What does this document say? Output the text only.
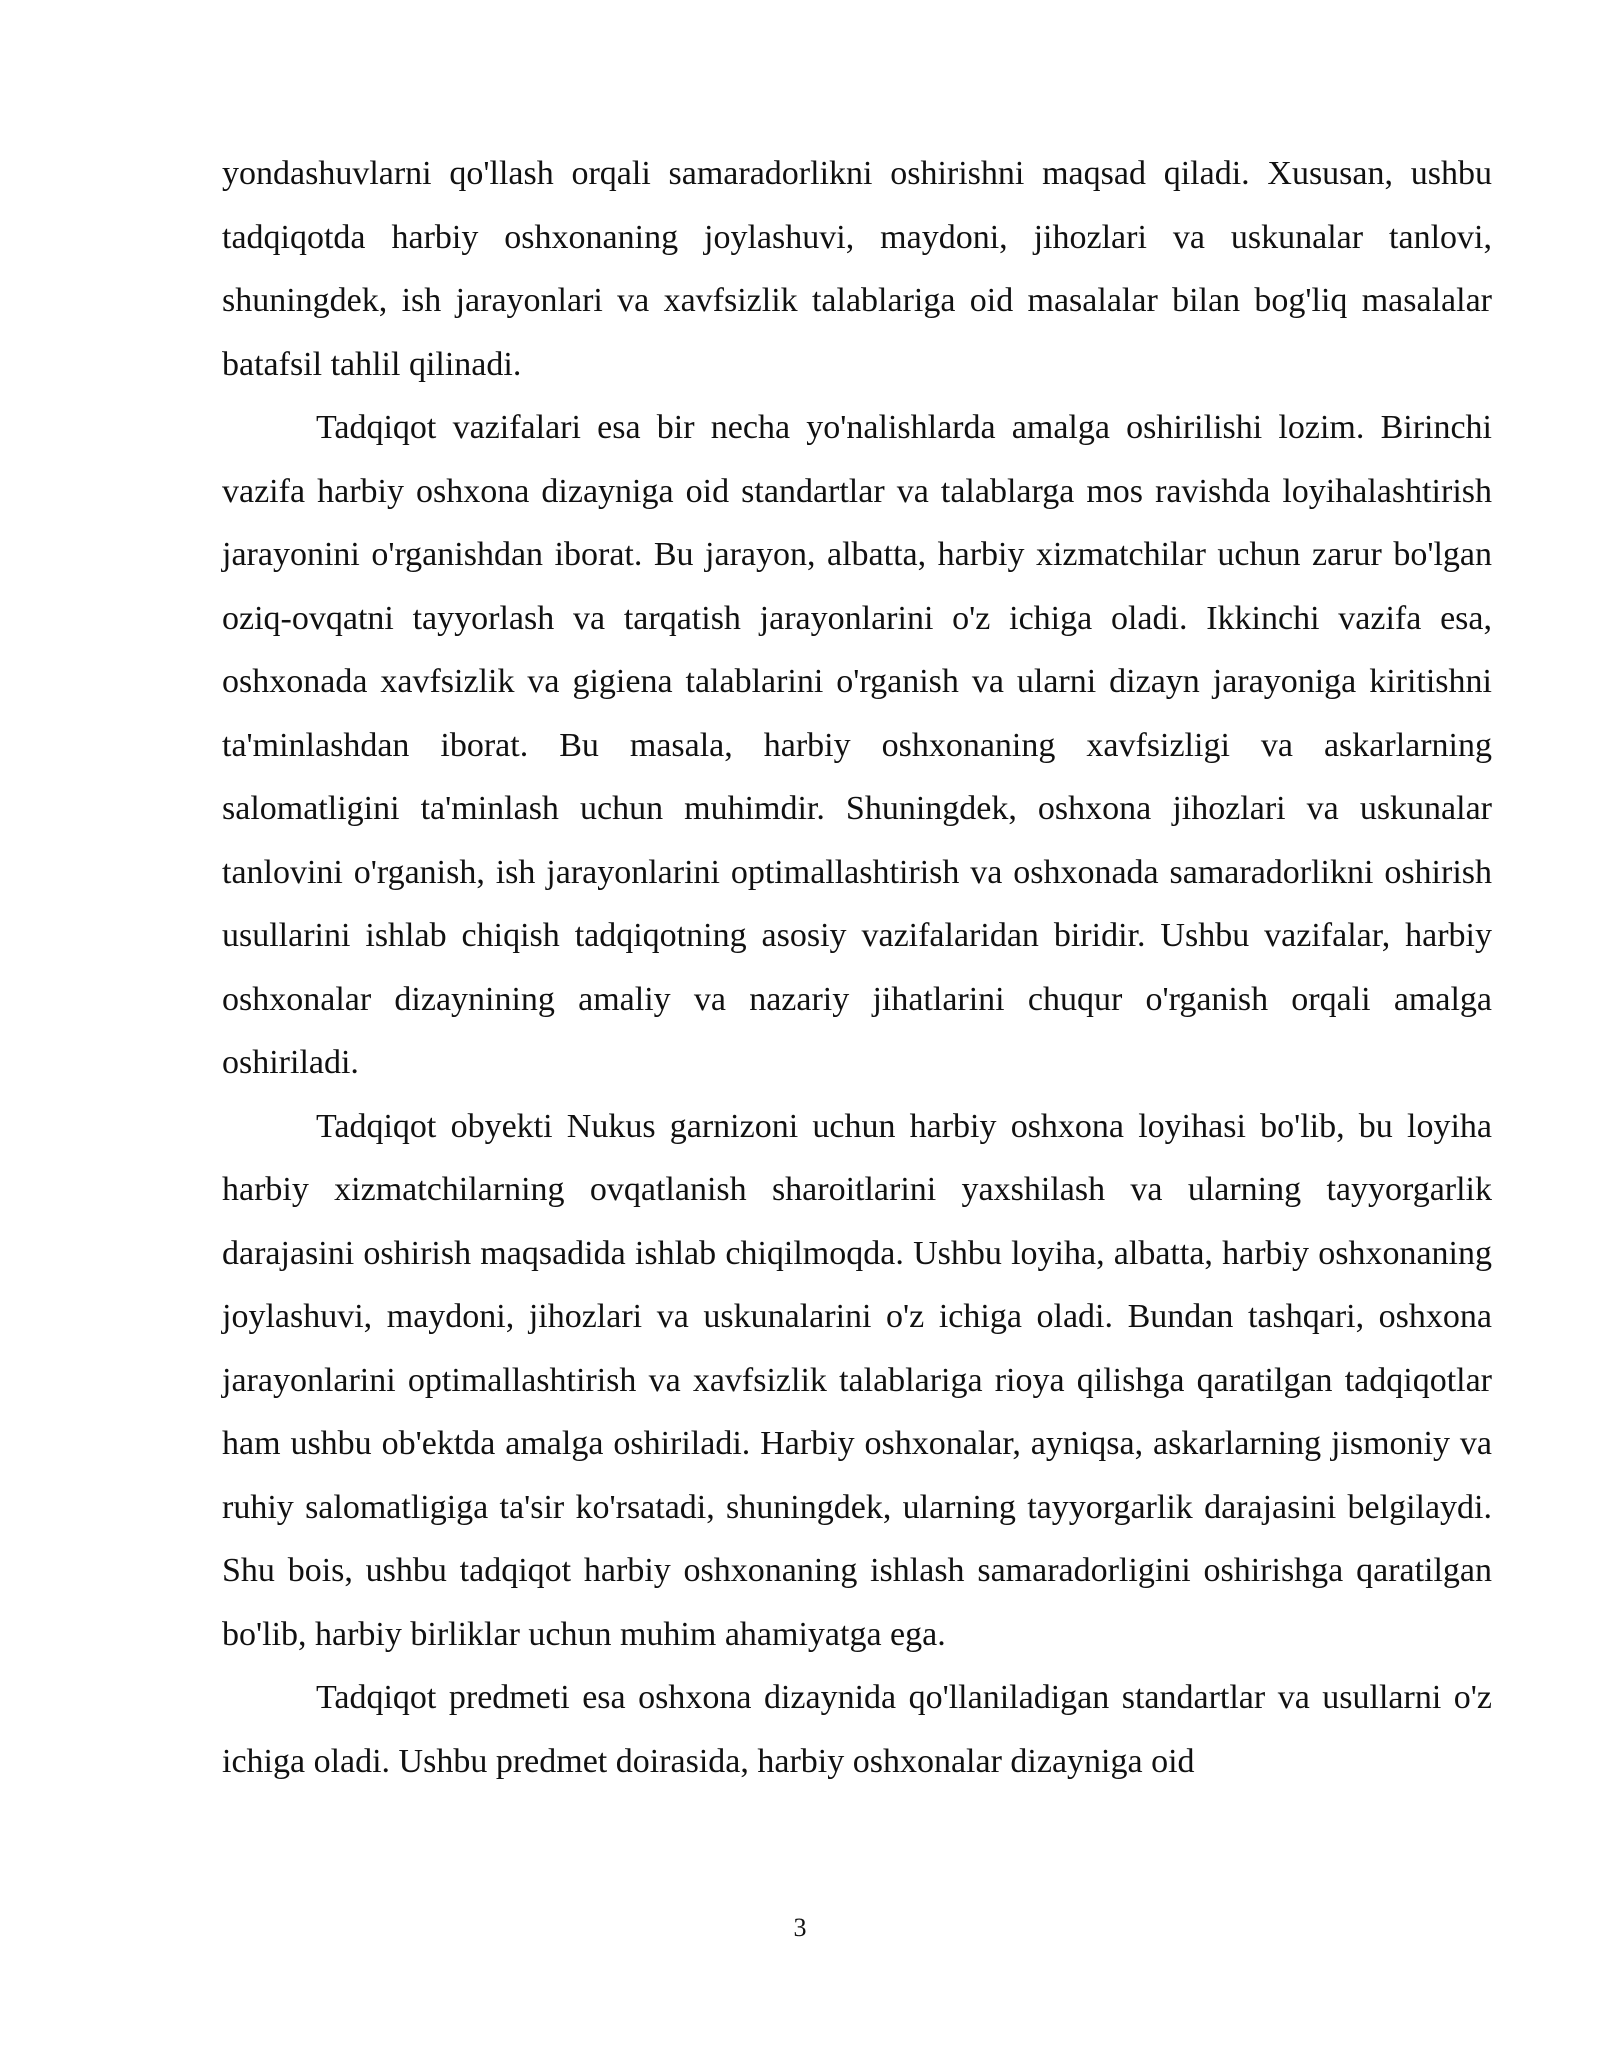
yondashuvlarni qo'llash orqali samaradorlikni oshirishni maqsad qiladi. Xususan, ushbu tadqiqotda harbiy oshxonaning joylashuvi, maydoni, jihozlari va uskunalar tanlovi, shuningdek, ish jarayonlari va xavfsizlik talablariga oid masalalar bilan bog'liq masalalar batafsil tahlil qilinadi.

Tadqiqot vazifalari esa bir necha yo'nalishlarda amalga oshirilishi lozim. Birinchi vazifa harbiy oshxona dizayniga oid standartlar va talablarga mos ravishda loyihalashtirish jarayonini o'rganishdan iborat. Bu jarayon, albatta, harbiy xizmatchilar uchun zarur bo'lgan oziq-ovqatni tayyorlash va tarqatish jarayonlarini o'z ichiga oladi. Ikkinchi vazifa esa, oshxonada xavfsizlik va gigiena talablarini o'rganish va ularni dizayn jarayoniga kiritishni ta'minlashdan iborat. Bu masala, harbiy oshxonaning xavfsizligi va askarlarning salomatligini ta'minlash uchun muhimdir. Shuningdek, oshxona jihozlari va uskunalar tanlovini o'rganish, ish jarayonlarini optimallashtirish va oshxonada samaradorlikni oshirish usullarini ishlab chiqish tadqiqotning asosiy vazifalaridan biridir. Ushbu vazifalar, harbiy oshxonalar dizaynining amaliy va nazariy jihatlarini chuqur o'rganish orqali amalga oshiriladi.

Tadqiqot obyekti Nukus garnizoni uchun harbiy oshxona loyihasi bo'lib, bu loyiha harbiy xizmatchilarning ovqatlanish sharoitlarini yaxshilash va ularning tayyorgarlik darajasini oshirish maqsadida ishlab chiqilmoqda. Ushbu loyiha, albatta, harbiy oshxonaning joylashuvi, maydoni, jihozlari va uskunalarini o'z ichiga oladi. Bundan tashqari, oshxona jarayonlarini optimallashtirish va xavfsizlik talablariga rioya qilishga qaratilgan tadqiqotlar ham ushbu ob'ektda amalga oshiriladi. Harbiy oshxonalar, ayniqsa, askarlarning jismoniy va ruhiy salomatligiga ta'sir ko'rsatadi, shuningdek, ularning tayyorgarlik darajasini belgilaydi. Shu bois, ushbu tadqiqot harbiy oshxonaning ishlash samaradorligini oshirishga qaratilgan bo'lib, harbiy birliklar uchun muhim ahamiyatga ega.

Tadqiqot predmeti esa oshxona dizaynida qo'llaniladigan standartlar va usullarni o'z ichiga oladi. Ushbu predmet doirasida, harbiy oshxonalar dizayniga oid

3
